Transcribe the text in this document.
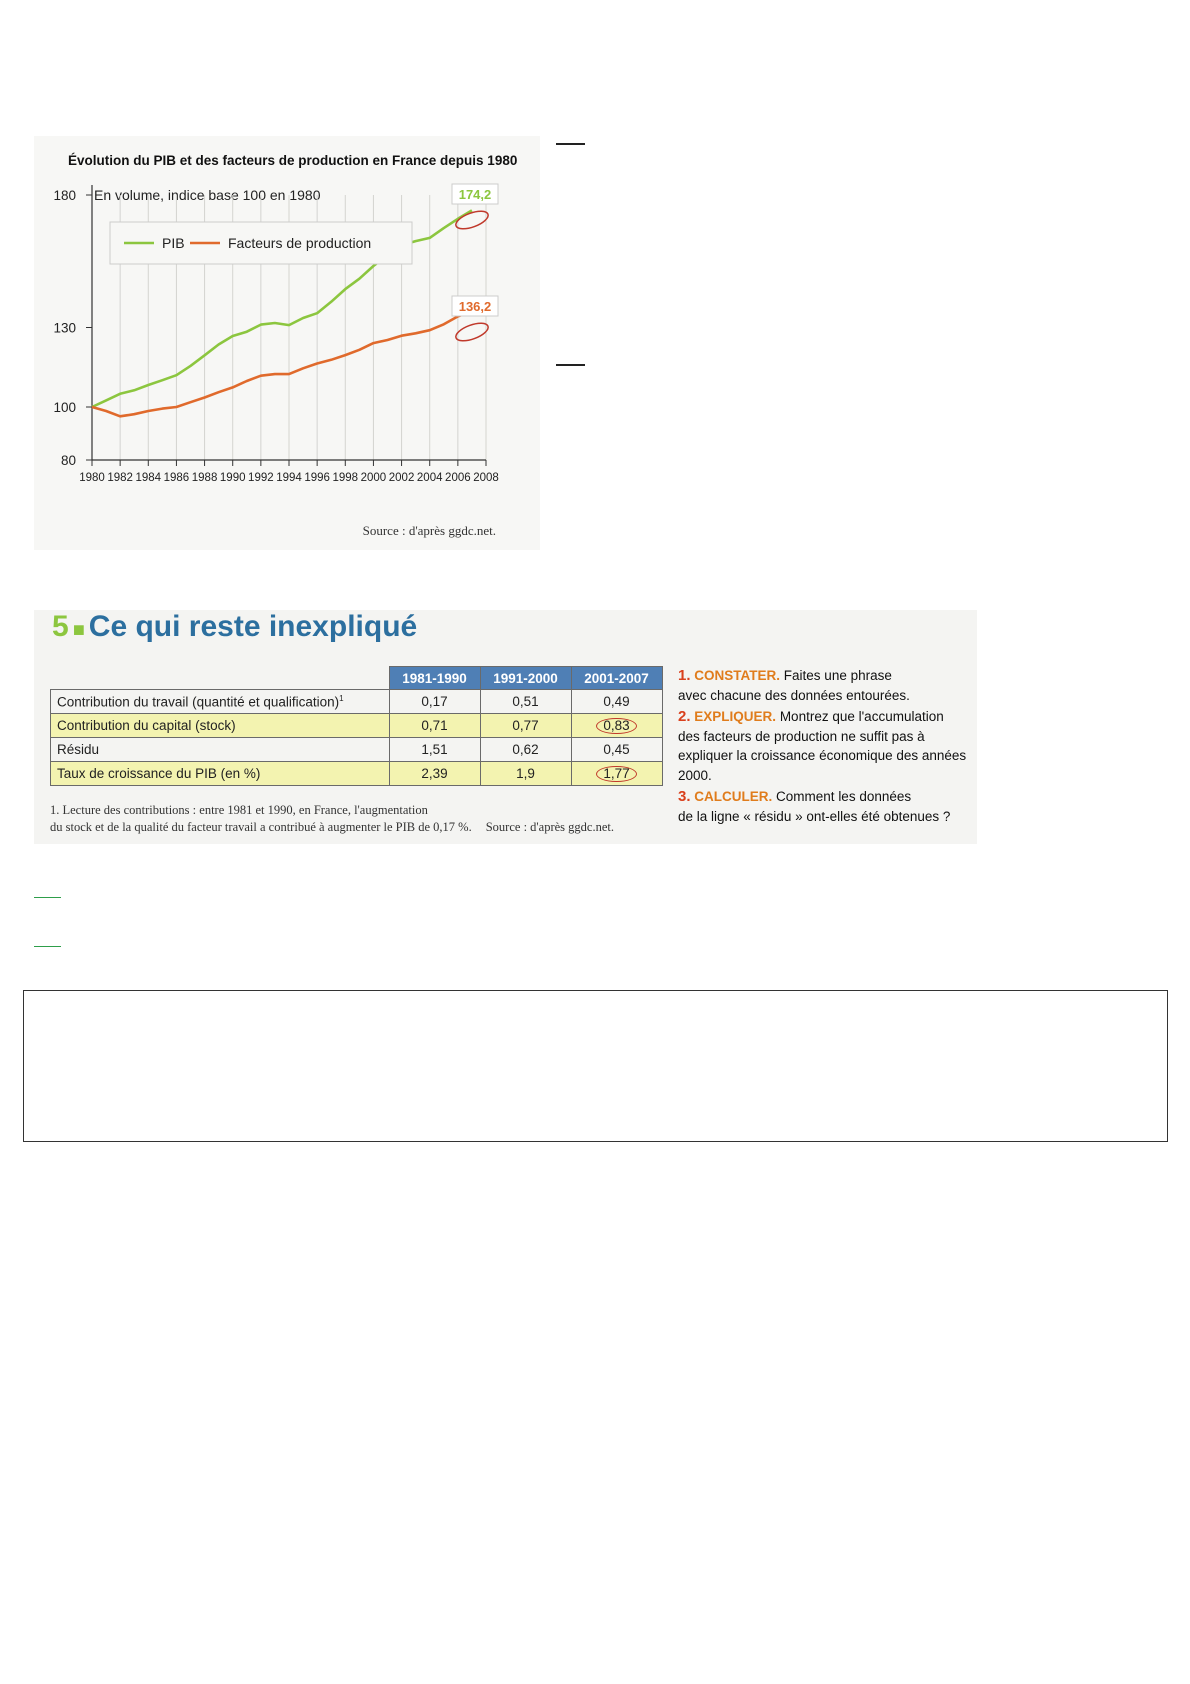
Évolution du PIB et des facteurs de production en France depuis 1980
En volume, indice base 100 en 1980
1980 1982 1984 1986 1988 1990 1992 1994 1996 1998 2000 2002 2004 2006 2008
180
130
100
80
PIB	Facteurs de production
174,2
136,2
Source : d'après ggdc.net.
5 ■ Ce qui reste inexpliqué
	1981-1990	1991-2000	2001-2007
Contribution du travail (quantité et qualification)$^1$	0,17	0,51	0,49
Contribution du capital (stock)	0,71	0,77	0,83
Résidu	1,51	0,62	0,45
Taux de croissance du PIB (en %)	2,39	1,9	1,77
1. Lecture des contributions : entre 1981 et 1990, en France, l'augmentation
du stock et de la qualité du facteur travail a contribué à augmenter le PIB de 0,17 %. Source : d'après ggdc.net.
1. CONSTATER. Faites une phrase
avec chacune des données entourées.
2. EXPLIQUER. Montrez que l'accumulation
des facteurs de production ne suffit pas à expliquer la croissance économique des années 2000.
3. CALCULER. Comment les données
de la ligne « résidu » ont-elles été obtenues ?
